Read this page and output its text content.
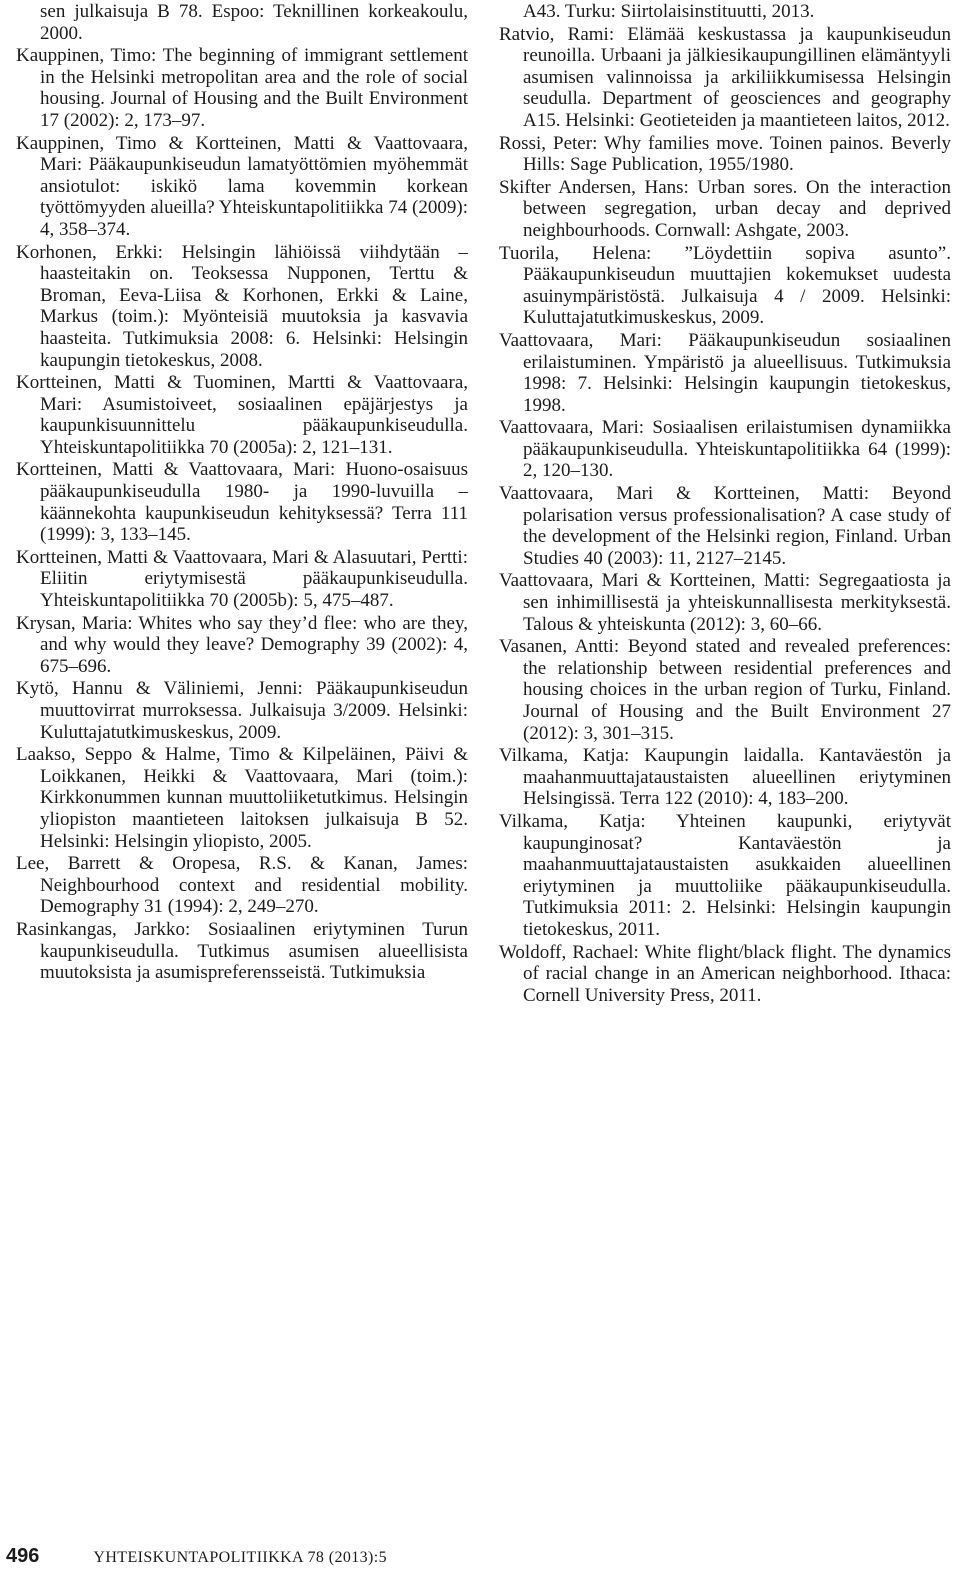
sen julkaisuja B 78. Espoo: Teknillinen korkeakoulu, 2000.

Kauppinen, Timo: The beginning of immigrant settlement in the Helsinki metropolitan area and the role of social housing. Journal of Housing and the Built Environment 17 (2002): 2, 173–97.

Kauppinen, Timo & Kortteinen, Matti & Vaattovaara, Mari: Pääkaupunkiseudun lamatyöttömien myöhemmät ansiotulot: iskikö lama kovemmin korkean työttömyyden alueilla? Yhteiskuntapolitiikka 74 (2009): 4, 358–374.

Korhonen, Erkki: Helsingin lähiöissä viihdytään – haasteitakin on. Teoksessa Nupponen, Terttu & Broman, Eeva-Liisa & Korhonen, Erkki & Laine, Markus (toim.): Myönteisiä muutoksia ja kasvavia haasteita. Tutkimuksia 2008: 6. Helsinki: Helsingin kaupungin tietokeskus, 2008.

Kortteinen, Matti & Tuominen, Martti & Vaattovaara, Mari: Asumistoiveet, sosiaalinen epäjärjestys ja kaupunkisuunnittelu pääkaupunkiseudulla. Yhteiskuntapolitiikka 70 (2005a): 2, 121–131.

Kortteinen, Matti & Vaattovaara, Mari: Huono-osaisuus pääkaupunkiseudulla 1980- ja 1990-luvuilla – käännekohta kaupunkiseudun kehityksessä? Terra 111 (1999): 3, 133–145.

Kortteinen, Matti & Vaattovaara, Mari & Alasuutari, Pertti: Eliitin eriytymisestä pääkaupunkiseudulla. Yhteiskuntapolitiikka 70 (2005b): 5, 475–487.

Krysan, Maria: Whites who say they’d flee: who are they, and why would they leave? Demography 39 (2002): 4, 675–696.

Kytö, Hannu & Väliniemi, Jenni: Pääkaupunkiseudun muuttovirrat murroksessa. Julkaisuja 3/2009. Helsinki: Kuluttajatutkimuskeskus, 2009.

Laakso, Seppo & Halme, Timo & Kilpeläinen, Päivi & Loikkanen, Heikki & Vaattovaara, Mari (toim.): Kirkkonummen kunnan muuttoliiketutkimus. Helsingin yliopiston maantieteen laitoksen julkaisuja B 52. Helsinki: Helsingin yliopisto, 2005.

Lee, Barrett & Oropesa, R.S. & Kanan, James: Neighbourhood context and residential mobility. Demography 31 (1994): 2, 249–270.

Rasinkangas, Jarkko: Sosiaalinen eriytyminen Turun kaupunkiseudulla. Tutkimus asumisen alueellisista muutoksista ja asumispreferensseistä. Tutkimuksia

A43. Turku: Siirtolaisinstituutti, 2013.

Ratvio, Rami: Elämää keskustassa ja kaupunkiseudun reunoilla. Urbaani ja jälkiesikaupungillinen elämäntyyli asumisen valinnoissa ja arkiliikkumisessa Helsingin seudulla. Department of geosciences and geography A15. Helsinki: Geotieteiden ja maantieteen laitos, 2012.

Rossi, Peter: Why families move. Toinen painos. Beverly Hills: Sage Publication, 1955/1980.

Skifter Andersen, Hans: Urban sores. On the interaction between segregation, urban decay and deprived neighbourhoods. Cornwall: Ashgate, 2003.

Tuorila, Helena: ”Löydettiin sopiva asunto”. Pääkaupunkiseudun muuttajien kokemukset uudesta asuinympäristöstä. Julkaisuja 4 / 2009. Helsinki: Kuluttajatutkimuskeskus, 2009.

Vaattovaara, Mari: Pääkaupunkiseudun sosiaalinen erilaistuminen. Ympäristö ja alueellisuus. Tutkimuksia 1998: 7. Helsinki: Helsingin kaupungin tietokeskus, 1998.

Vaattovaara, Mari: Sosiaalisen erilaistumisen dynamiikka pääkaupunkiseudulla. Yhteiskuntapolitiikka 64 (1999): 2, 120–130.

Vaattovaara, Mari & Kortteinen, Matti: Beyond polarisation versus professionalisation? A case study of the development of the Helsinki region, Finland. Urban Studies 40 (2003): 11, 2127–2145.

Vaattovaara, Mari & Kortteinen, Matti: Segregaatiosta ja sen inhimillisestä ja yhteiskunnallisesta merkityksestä. Talous & yhteiskunta (2012): 3, 60–66.

Vasanen, Antti: Beyond stated and revealed preferences: the relationship between residential preferences and housing choices in the urban region of Turku, Finland. Journal of Housing and the Built Environment 27 (2012): 3, 301–315.

Vilkama, Katja: Kaupungin laidalla. Kantaväestön ja maahanmuuttajataustaisten alueellinen eriytyminen Helsingissä. Terra 122 (2010): 4, 183–200.

Vilkama, Katja: Yhteinen kaupunki, eriytyvät kaupunginosat? Kantaväestön ja maahanmuuttajataustaisten asukkaiden alueellinen eriytyminen ja muuttoliike pääkaupunkiseudulla. Tutkimuksia 2011: 2. Helsinki: Helsingin kaupungin tietokeskus, 2011.

Woldoff, Rachael: White flight/black flight. The dynamics of racial change in an American neighborhood. Ithaca: Cornell University Press, 2011.

496	YHTEISKUNTAPOLITIIKKA 78 (2013):5
